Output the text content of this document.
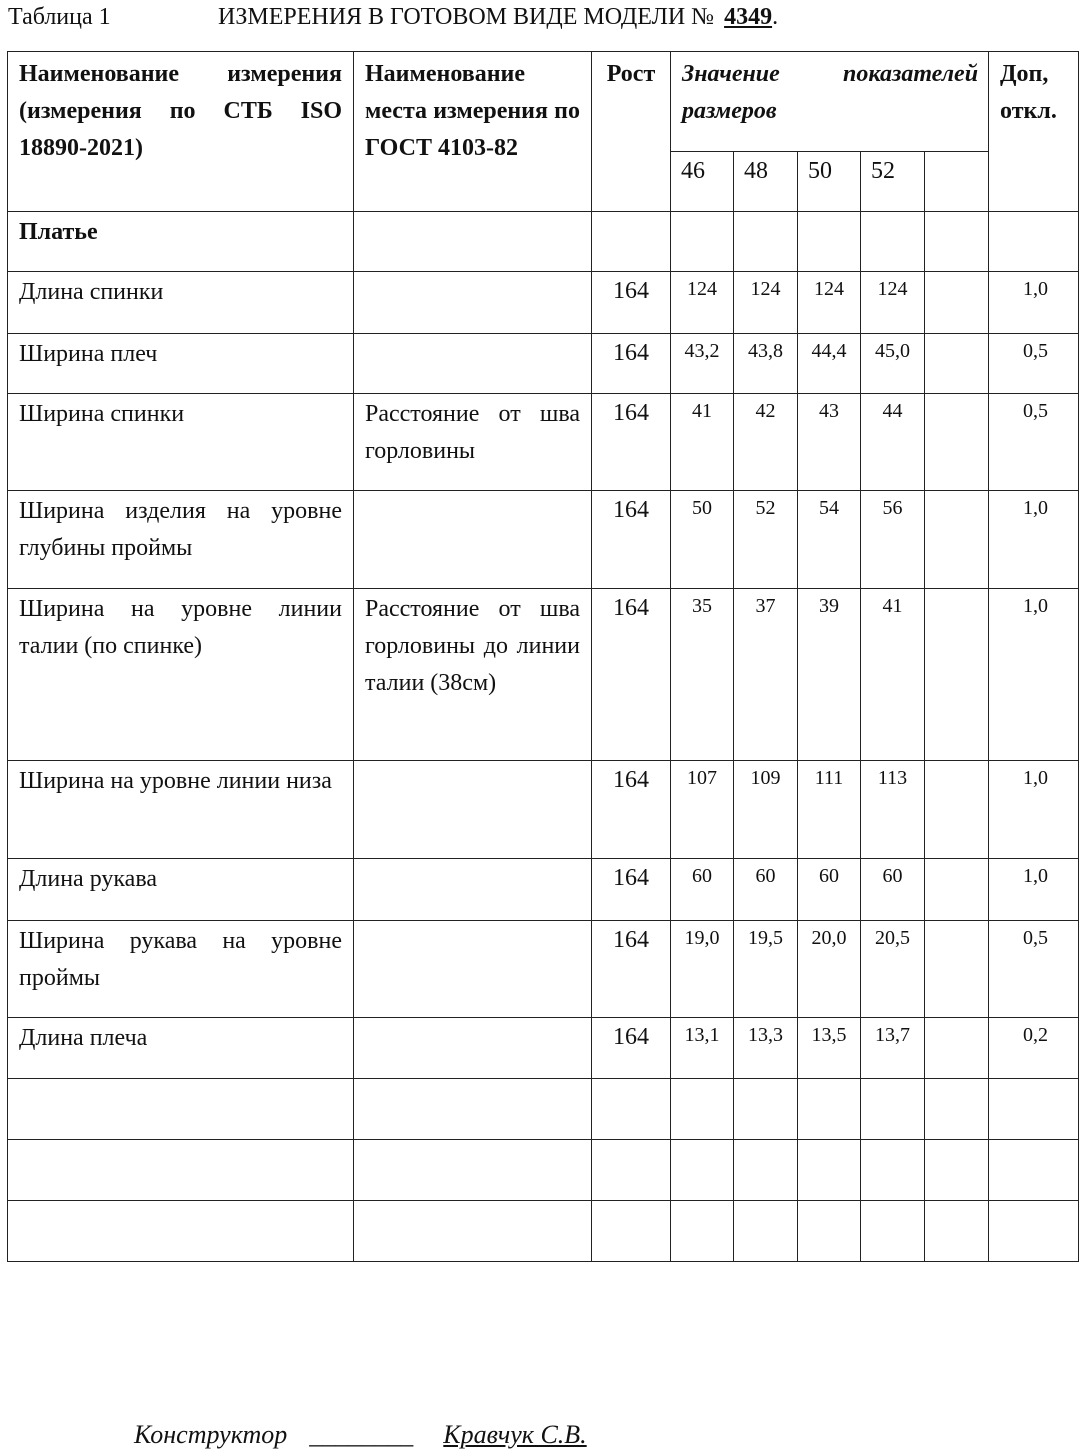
Таблица 1	ИЗМЕРЕНИЯ В ГОТОВОМ ВИДЕ МОДЕЛИ № 4349.
Наименование измерения (измерения по СТБ ISO 18890-2021)	Наименование места измерения по ГОСТ 4103-82	Рост	Значение показателей размеров					Доп, откл.
			46	48	50	52		
Платье								
Длина спинки		164	124	124	124	124		1,0
Ширина плеч		164	43,2	43,8	44,4	45,0		0,5
Ширина спинки	Расстояние от шва горловины	164	41	42	43	44		0,5
Ширина изделия на уровне глубины проймы		164	50	52	54	56		1,0
Ширина на уровне линии талии (по спинке)	Расстояние от шва горловины до линии талии (38см)	164	35	37	39	41		1,0
Ширина на уровне линии низа		164	107	109	111	113		1,0
Длина рукава		164	60	60	60	60		1,0
Ширина рукава на уровне проймы		164	19,0	19,5	20,0	20,5		0,5
Длина плеча		164	13,1	13,3	13,5	13,7		0,2

Конструктор ________ Кравчук С.В.
